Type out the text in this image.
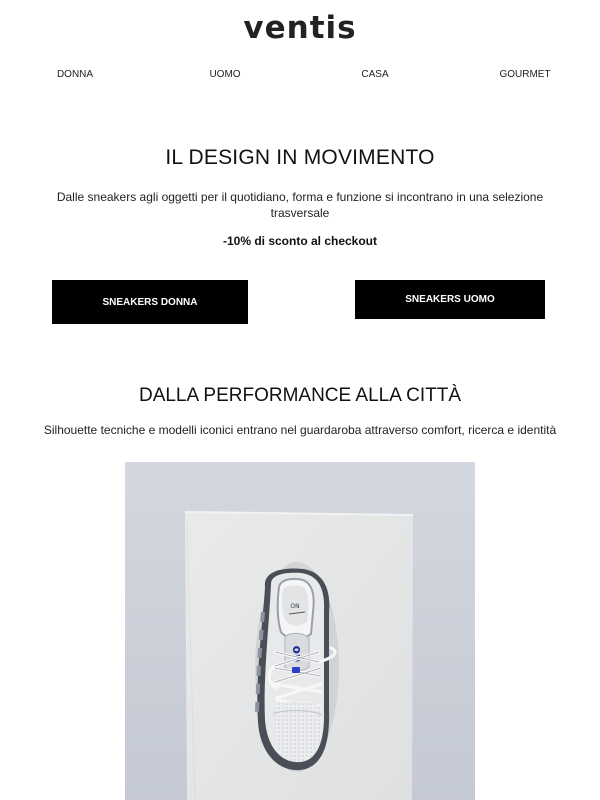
ventis
DONNA	UOMO	CASA	GOURMET
IL DESIGN IN MOVIMENTO

Dalle sneakers agli oggetti per il quotidiano, forma e funzione si incontrano in una selezione trasversale

-10% di sconto al checkout

SNEAKERS DONNA	SNEAKERS UOMO
DALLA PERFORMANCE ALLA CITTÀ

Silhouette tecniche e modelli iconici entrano nel guardaroba attraverso comfort, ricerca e identità

ON
on
